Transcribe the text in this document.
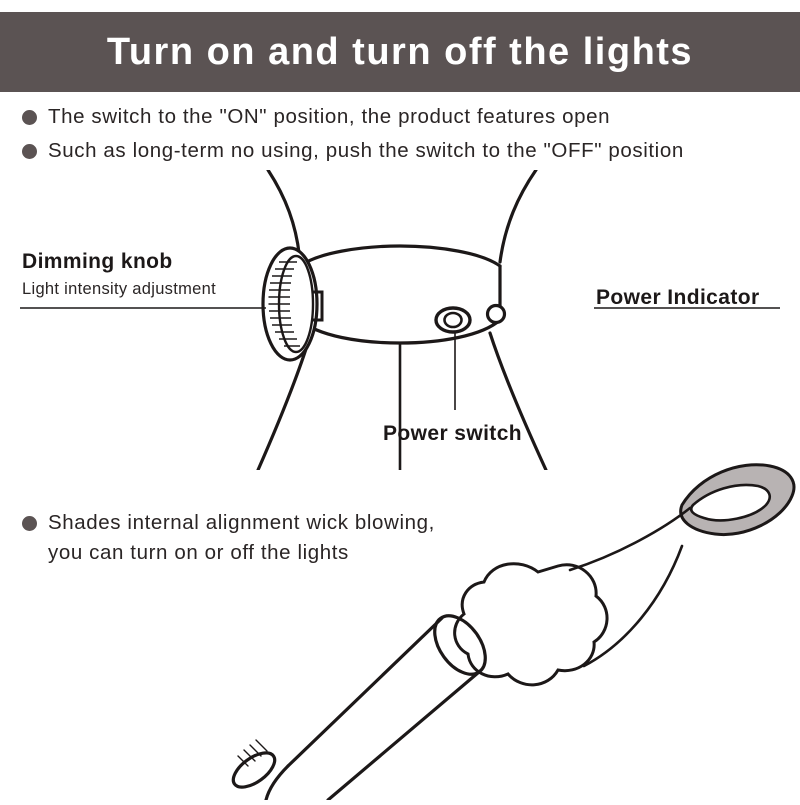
Turn on and turn off the lights
The switch to the "ON" position, the product features open
Such as long-term no using, push the switch to the "OFF" position
Dimming knob
Light intensity adjustment	Power Indicator
Power switch
Shades internal alignment wick blowing,
you can turn on or off the lights
